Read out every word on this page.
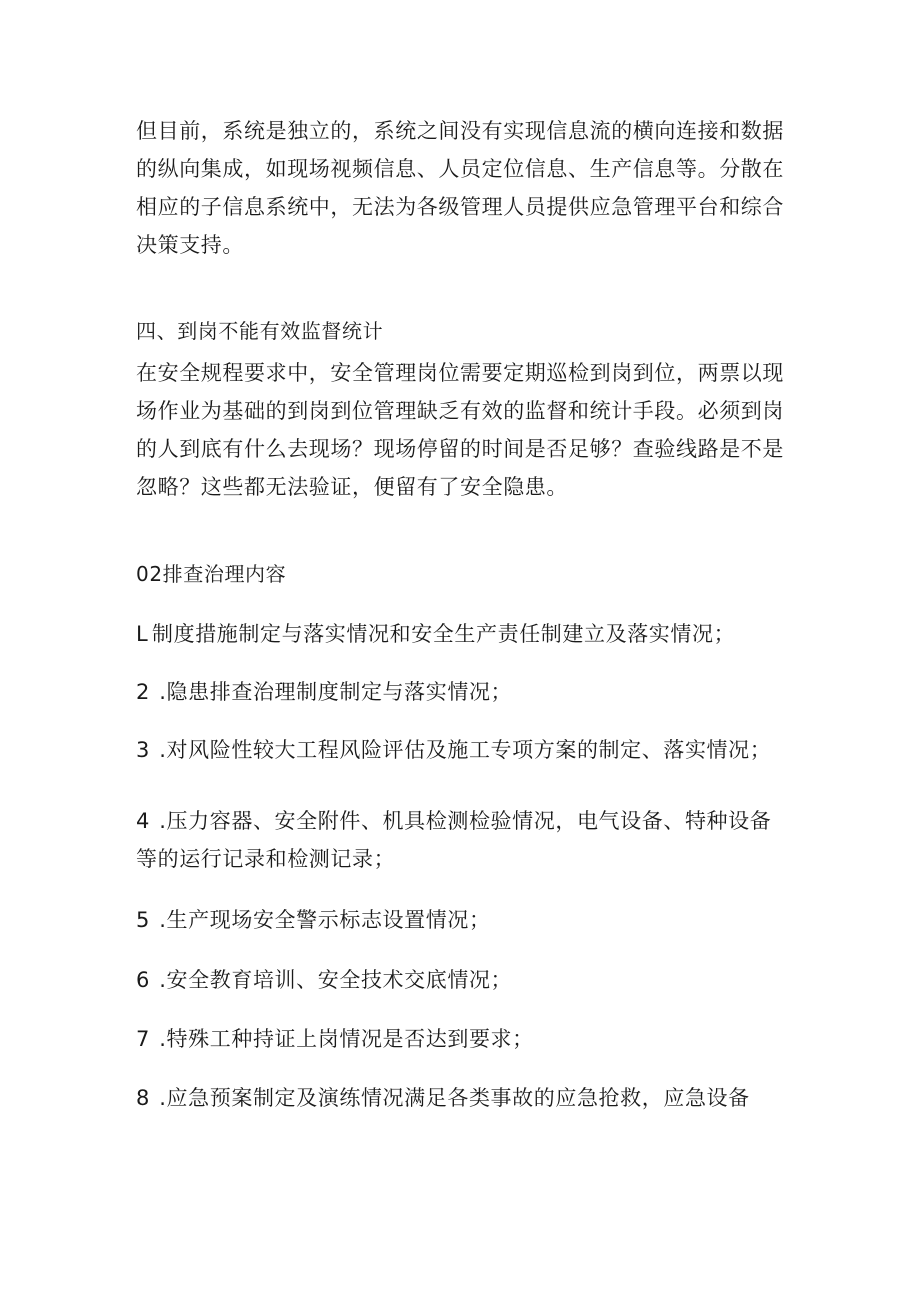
但目前，系统是独立的，系统之间没有实现信息流的横向连接和数据
的纵向集成，如现场视频信息、人员定位信息、生产信息等。分散在
相应的子信息系统中，无法为各级管理人员提供应急管理平台和综合
决策支持。
四、到岗不能有效监督统计
在安全规程要求中，安全管理岗位需要定期巡检到岗到位，两票以现
场作业为基础的到岗到位管理缺乏有效的监督和统计手段。必须到岗
的人到底有什么去现场？现场停留的时间是否足够？查验线路是不是
忽略？这些都无法验证，便留有了安全隐患。
02排查治理内容
L 制度措施制定与落实情况和安全生产责任制建立及落实情况；
2 .隐患排查治理制度制定与落实情况；
3 .对风险性较大工程风险评估及施工专项方案的制定、落实情况；
4 .压力容器、安全附件、机具检测检验情况，电气设备、特种设备
等的运行记录和检测记录；
5 .生产现场安全警示标志设置情况；
6 .安全教育培训、安全技术交底情况；
7 .特殊工种持证上岗情况是否达到要求；
8 .应急预案制定及演练情况满足各类事故的应急抢救，应急设备
